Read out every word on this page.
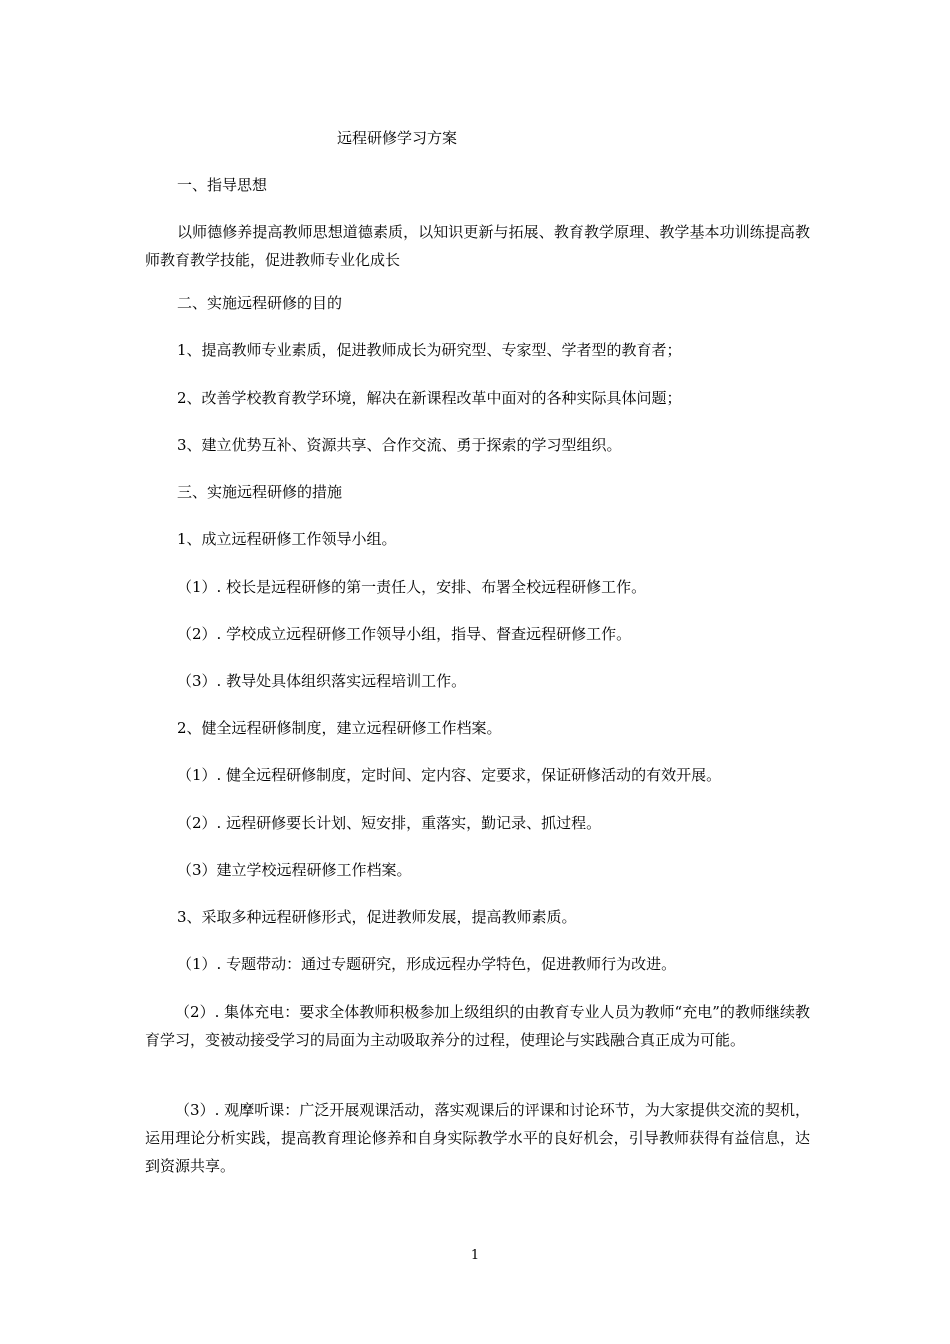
远程研修学习方案
一、指导思想
以师德修养提高教师思想道德素质，以知识更新与拓展、教育教学原理、教学基本功训练提高教师教育教学技能，促进教师专业化成长
二、实施远程研修的目的
1、提高教师专业素质，促进教师成长为研究型、专家型、学者型的教育者；
2、改善学校教育教学环境，解决在新课程改革中面对的各种实际具体问题；
3、建立优势互补、资源共享、合作交流、勇于探索的学习型组织。
三、实施远程研修的措施
1、成立远程研修工作领导小组。
（1）. 校长是远程研修的第一责任人，安排、布署全校远程研修工作。
（2）. 学校成立远程研修工作领导小组，指导、督查远程研修工作。
（3）. 教导处具体组织落实远程培训工作。
2、健全远程研修制度，建立远程研修工作档案。
（1）. 健全远程研修制度，定时间、定内容、定要求，保证研修活动的有效开展。
（2）. 远程研修要长计划、短安排，重落实，勤记录、抓过程。
（3）建立学校远程研修工作档案。
3、采取多种远程研修形式，促进教师发展，提高教师素质。
（1）. 专题带动：通过专题研究，形成远程办学特色，促进教师行为改进。
（2）. 集体充电：要求全体教师积极参加上级组织的由教育专业人员为教师“充电”的教师继续教育学习，变被动接受学习的局面为主动吸取养分的过程，使理论与实践融合真正成为可能。
（3）. 观摩听课：广泛开展观课活动，落实观课后的评课和讨论环节，为大家提供交流的契机，运用理论分析实践，提高教育理论修养和自身实际教学水平的良好机会，引导教师获得有益信息，达到资源共享。
1
